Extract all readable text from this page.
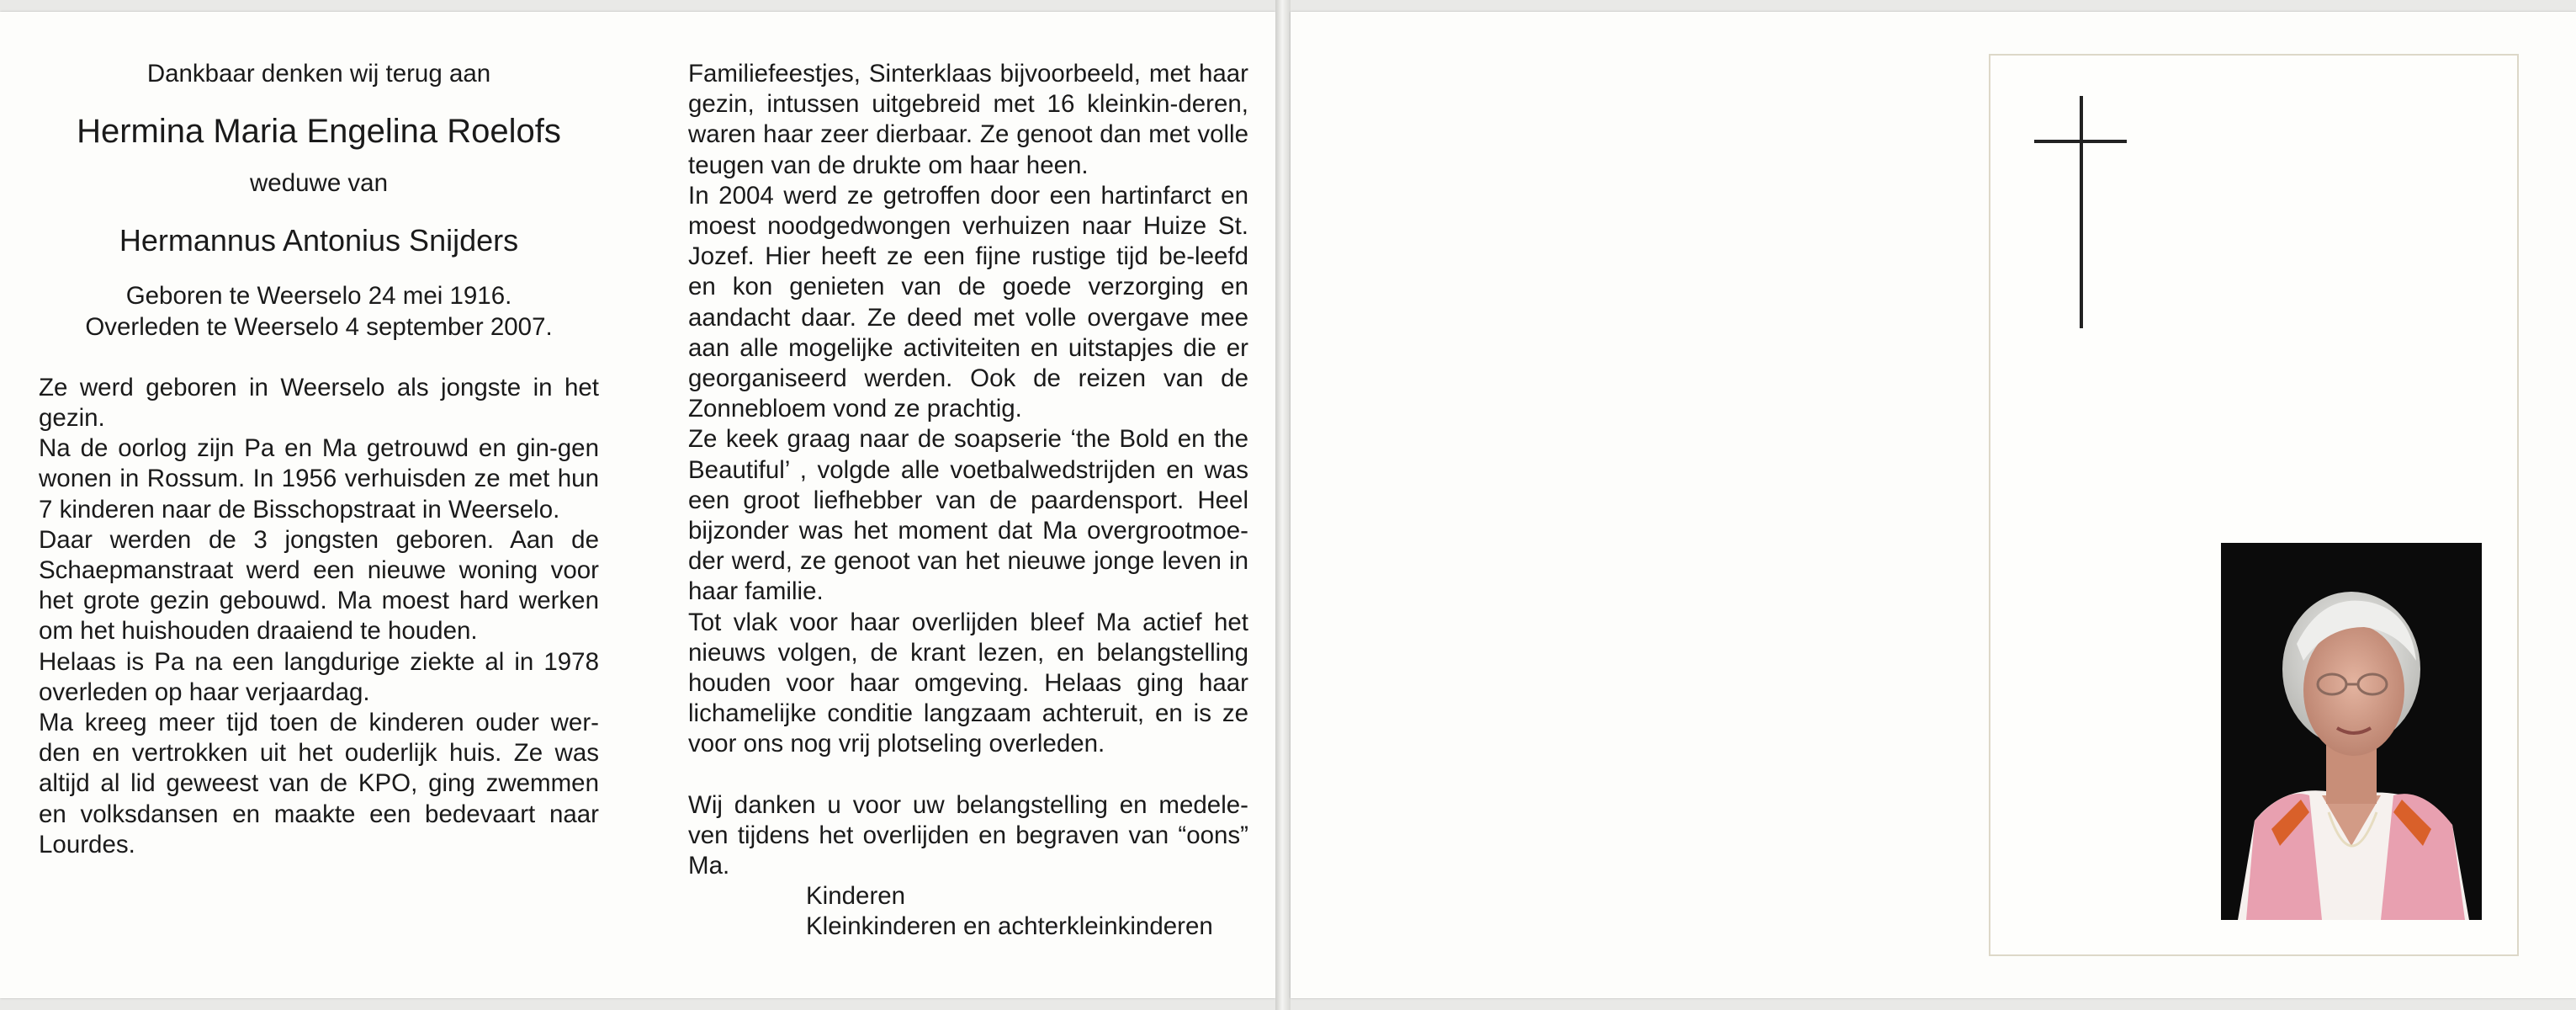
Dankbaar denken wij terug aan

Hermina Maria Engelina Roelofs

weduwe van

Hermannus Antonius Snijders

Geboren te Weerselo 24 mei 1916.

Overleden te Weerselo 4 september 2007.

Ze werd geboren in Weerselo als jongste in het gezin.

Na de oorlog zijn Pa en Ma getrouwd en gin-gen wonen in Rossum. In 1956 verhuisden ze met hun 7 kinderen naar de Bisschopstraat in Weerselo.

Daar werden de 3 jongsten geboren. Aan de Schaepmanstraat werd een nieuwe woning voor het grote gezin gebouwd. Ma moest hard werken om het huishouden draaiend te houden.

Helaas is Pa na een langdurige ziekte al in 1978 overleden op haar verjaardag.

Ma kreeg meer tijd toen de kinderen ouder wer-den en vertrokken uit het ouderlijk huis. Ze was altijd al lid geweest van de KPO, ging zwemmen en volksdansen en maakte een bedevaart naar Lourdes.

Familiefeestjes, Sinterklaas bijvoorbeeld, met haar gezin, intussen uitgebreid met 16 kleinkin-deren, waren haar zeer dierbaar. Ze genoot dan met volle teugen van de drukte om haar heen.

In 2004 werd ze getroffen door een hartinfarct en moest noodgedwongen verhuizen naar Huize St. Jozef. Hier heeft ze een fijne rustige tijd be-leefd en kon genieten van de goede verzorging en aandacht daar. Ze deed met volle overgave mee aan alle mogelijke activiteiten en uitstapjes die er georganiseerd werden. Ook de reizen van de Zonnebloem vond ze prachtig.

Ze keek graag naar de soapserie ‘the Bold en the Beautiful’ , volgde alle voetbalwedstrijden en was een groot liefhebber van de paardensport. Heel bijzonder was het moment dat Ma overgrootmoe-der werd, ze genoot van het nieuwe jonge leven in haar familie.

Tot vlak voor haar overlijden bleef Ma actief het nieuws volgen, de krant lezen, en belangstelling houden voor haar omgeving. Helaas ging haar lichamelijke conditie langzaam achteruit, en is ze voor ons nog vrij plotseling overleden.

Wij danken u voor uw belangstelling en medele-ven tijdens het overlijden en begraven van “oons” Ma.

Kinderen

Kleinkinderen en achterkleinkinderen
